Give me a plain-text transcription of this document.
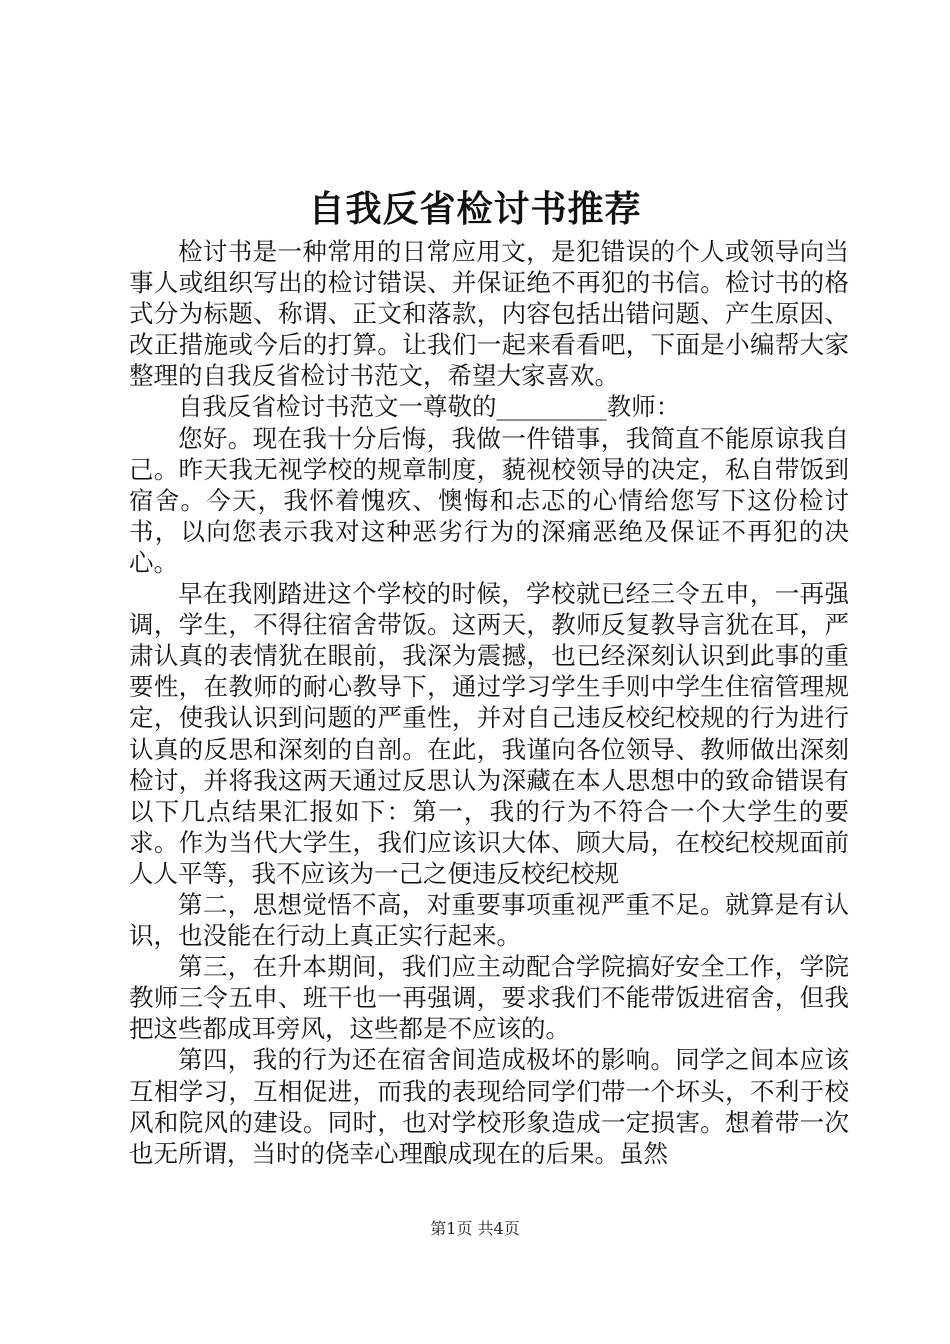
自我反省检讨书推荐

检讨书是一种常用的日常应用文，是犯错误的个人或领导向当事人或组织写出的检讨错误、并保证绝不再犯的书信。检讨书的格式分为标题、称谓、正文和落款，内容包括出错问题、产生原因、改正措施或今后的打算。让我们一起来看看吧，下面是小编帮大家整理的自我反省检讨书范文，希望大家喜欢。

自我反省检讨书范文一尊敬的_________教师：

您好。现在我十分后悔，我做一件错事，我简直不能原谅我自己。昨天我无视学校的规章制度，藐视校领导的决定，私自带饭到宿舍。今天，我怀着愧疚、懊悔和忐忑的心情给您写下这份检讨书，以向您表示我对这种恶劣行为的深痛恶绝及保证不再犯的决心。

早在我刚踏进这个学校的时候，学校就已经三令五申，一再强调，学生，不得往宿舍带饭。这两天，教师反复教导言犹在耳，严肃认真的表情犹在眼前，我深为震撼，也已经深刻认识到此事的重要性，在教师的耐心教导下，通过学习学生手则中学生住宿管理规定，使我认识到问题的严重性，并对自己违反校纪校规的行为进行认真的反思和深刻的自剖。在此，我谨向各位领导、教师做出深刻检讨，并将我这两天通过反思认为深藏在本人思想中的致命错误有以下几点结果汇报如下：第一，我的行为不符合一个大学生的要求。作为当代大学生，我们应该识大体、顾大局，在校纪校规面前人人平等，我不应该为一己之便违反校纪校规

第二，思想觉悟不高，对重要事项重视严重不足。就算是有认识，也没能在行动上真正实行起来。

第三，在升本期间，我们应主动配合学院搞好安全工作，学院教师三令五申、班干也一再强调，要求我们不能带饭进宿舍，但我把这些都成耳旁风，这些都是不应该的。

第四，我的行为还在宿舍间造成极坏的影响。同学之间本应该互相学习，互相促进，而我的表现给同学们带一个坏头，不利于校风和院风的建设。同时，也对学校形象造成一定损害。想着带一次也无所谓，当时的侥幸心理酿成现在的后果。虽然

第1页 共4页
